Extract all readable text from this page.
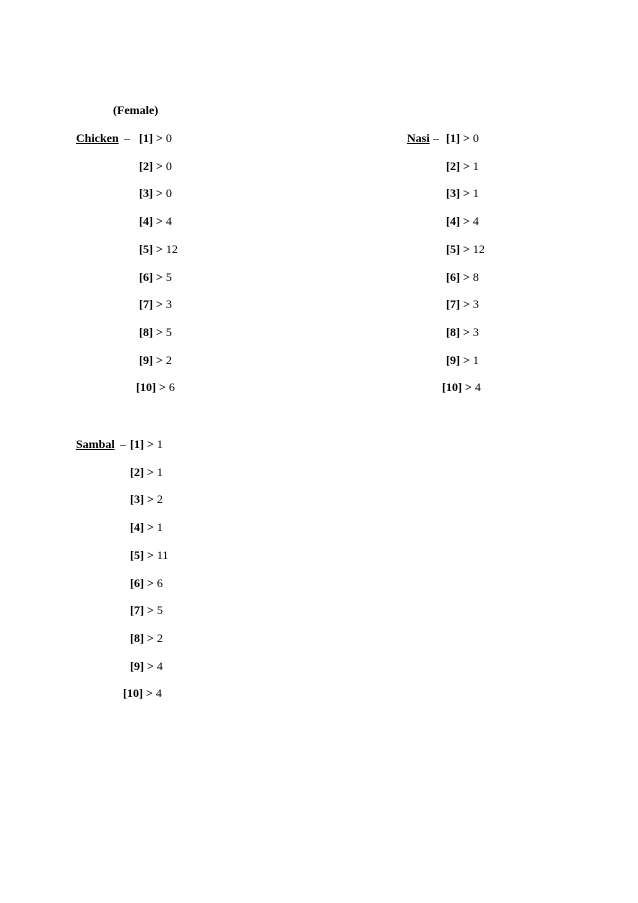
(Female)
Chicken – [1] > 0
[2] > 0
[3] > 0
[4] > 4
[5] > 12
[6] > 5
[7] > 3
[8] > 5
[9] > 2
[10] > 6
Nasi – [1] > 0
[2] > 1
[3] > 1
[4] > 4
[5] > 12
[6] > 8
[7] > 3
[8] > 3
[9] > 1
[10] > 4
Sambal – [1] > 1
[2] > 1
[3] > 2
[4] > 1
[5] > 11
[6] > 6
[7] > 5
[8] > 2
[9] > 4
[10] > 4
